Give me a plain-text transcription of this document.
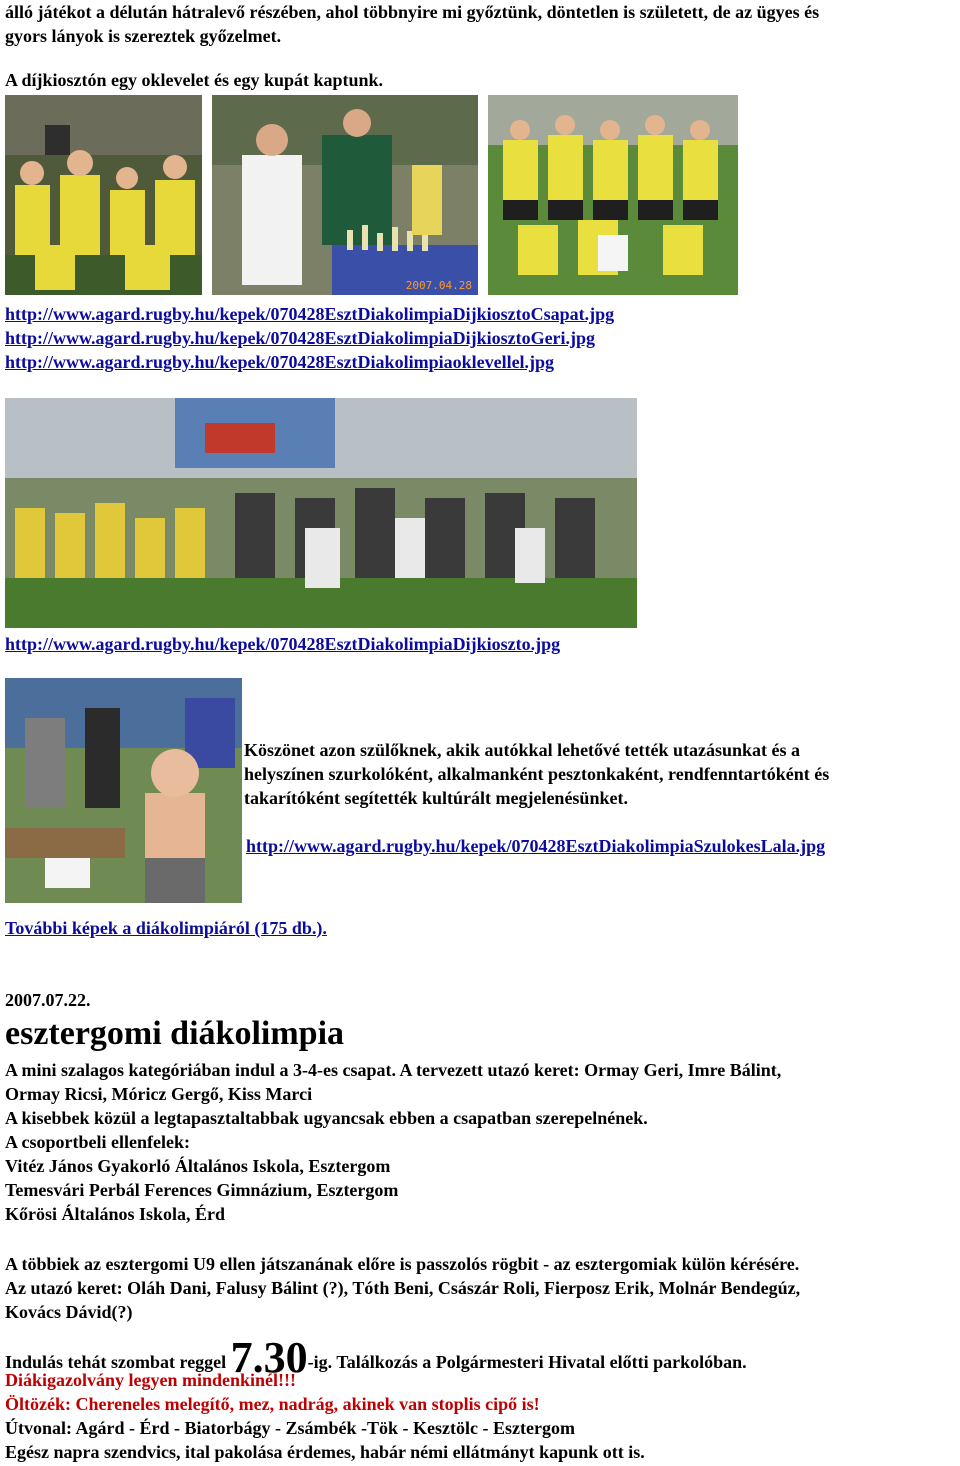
álló játékot a délután hátralevő részében, ahol többnyire mi győztünk, döntetlen is született, de az ügyes és
gyors lányok is szereztek győzelmet.
A díjkiosztón egy oklevelet és egy kupát kaptunk.
2007.04.28
http://www.agard.rugby.hu/kepek/070428EsztDiakolimpiaDijkiosztoCsapat.jpg
http://www.agard.rugby.hu/kepek/070428EsztDiakolimpiaDijkiosztoGeri.jpg
http://www.agard.rugby.hu/kepek/070428EsztDiakolimpiaoklevellel.jpg
http://www.agard.rugby.hu/kepek/070428EsztDiakolimpiaDijkioszto.jpg
Köszönet azon szülőknek, akik autókkal lehetővé tették utazásunkat és a
helyszínen szurkolóként, alkalmanként pesztonkaként, rendfenntartóként és
takarítóként segítették kultúrált megjelenésünket.
http://www.agard.rugby.hu/kepek/070428EsztDiakolimpiaSzulokesLala.jpg
További képek a diákolimpiáról (175 db.).
2007.07.22.
esztergomi diákolimpia
A mini szalagos kategóriában indul a 3-4-es csapat. A tervezett utazó keret: Ormay Geri, Imre Bálint,
Ormay Ricsi, Móricz Gergő, Kiss Marci
A kisebbek közül a legtapasztaltabbak ugyancsak ebben a csapatban szerepelnének.
A csoportbeli ellenfelek:
Vitéz János Gyakorló Általános Iskola, Esztergom
Temesvári Perbál Ferences Gimnázium, Esztergom
Kőrösi Általános Iskola, Érd
A többiek az esztergomi U9 ellen játszanának előre is passzolós rögbit - az esztergomiak külön kérésére.
Az utazó keret: Oláh Dani, Falusy Bálint (?), Tóth Beni, Császár Roli, Fierposz Erik, Molnár Bendegúz,
Kovács Dávid(?)
Indulás tehát szombat reggel 7.30-ig. Találkozás a Polgármesteri Hivatal előtti parkolóban.
Diákigazolvány legyen mindenkinél!!!
Öltözék: Chereneles melegítő, mez, nadrág, akinek van stoplis cipő is!
Útvonal: Agárd - Érd - Biatorbágy - Zsámbék -Tök - Kesztölc - Esztergom
Egész napra szendvics, ital pakolása érdemes, habár némi ellátmányt kapunk ott is.
